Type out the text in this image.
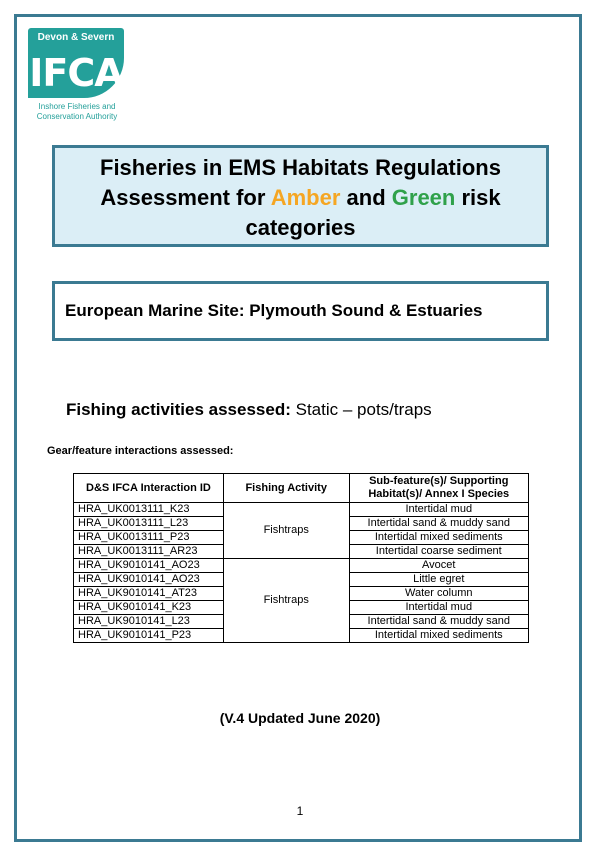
Devon & Severn
IFCA
Inshore Fisheries and Conservation Authority
Fisheries in EMS Habitats Regulations
Assessment for Amber and Green risk
categories
European Marine Site: Plymouth Sound & Estuaries
Fishing activities assessed: Static – pots/traps
Gear/feature interactions assessed:
D&S IFCA Interaction ID	Fishing Activity	Sub-feature(s)/ Supporting Habitat(s)/ Annex I Species
HRA_UK0013111_K23	Fishtraps	Intertidal mud
HRA_UK0013111_L23		Intertidal sand & muddy sand
HRA_UK0013111_P23		Intertidal mixed sediments
HRA_UK0013111_AR23		Intertidal coarse sediment
HRA_UK9010141_AO23	Fishtraps	Avocet
HRA_UK9010141_AO23		Little egret
HRA_UK9010141_AT23		Water column
HRA_UK9010141_K23		Intertidal mud
HRA_UK9010141_L23		Intertidal sand & muddy sand
HRA_UK9010141_P23		Intertidal mixed sediments
(V.4 Updated June 2020)
1
